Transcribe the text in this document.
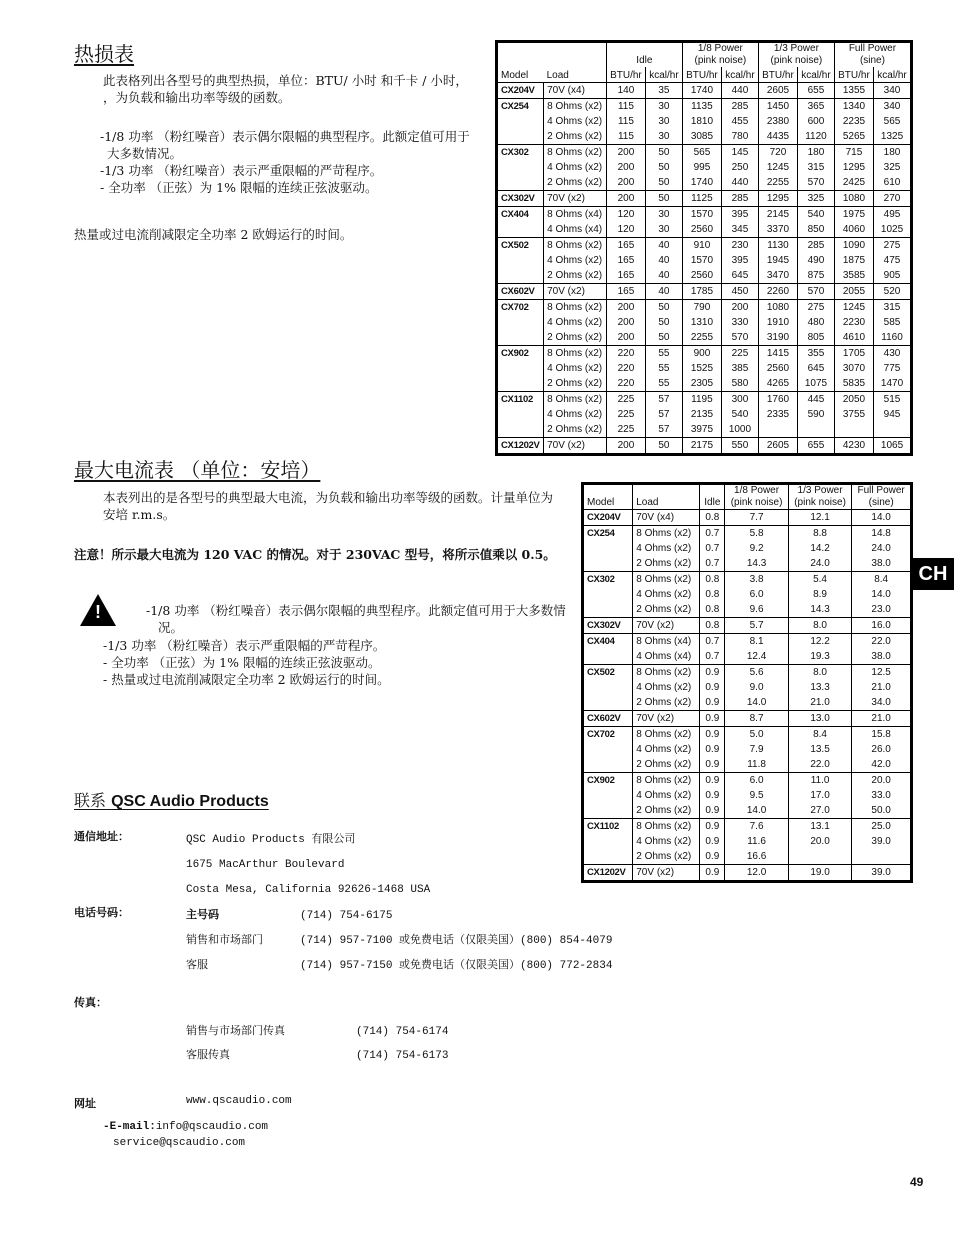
热损表
此表格列出各型号的典型热损，单位：BTU/ 小时 和千卡 / 小时， ，为负载和输出功率等级的函数。
-1/8 功率 （粉红噪音）表示偶尔限幅的典型程序。此额定值可用于大多数情况。
-1/3 功率 （粉红噪音）表示严重限幅的严苛程序。
- 全功率 （正弦）为 1% 限幅的连续正弦波驱动。
热量或过电流削减限定全功率 2 欧姆运行的时间。
		Idle		1/8 Power
(pink noise)		1/3 Power
(pink noise)		Full Power
(sine)	
Model	Load	BTU/hr	kcal/hr	BTU/hr	kcal/hr	BTU/hr	kcal/hr	BTU/hr	kcal/hr
CX204V	70V (x4)	140	35	1740	440	2605	655	1355	340
CX254	8 Ohms (x2)	115	30	1135	285	1450	365	1340	340
	4 Ohms (x2)	115	30	1810	455	2380	600	2235	565
	2 Ohms (x2)	115	30	3085	780	4435	1120	5265	1325
CX302	8 Ohms (x2)	200	50	565	145	720	180	715	180
	4 Ohms (x2)	200	50	995	250	1245	315	1295	325
	2 Ohms (x2)	200	50	1740	440	2255	570	2425	610
CX302V	70V (x2)	200	50	1125	285	1295	325	1080	270
CX404	8 Ohms (x4)	120	30	1570	395	2145	540	1975	495
	4 Ohms (x4)	120	30	2560	345	3370	850	4060	1025
CX502	8 Ohms (x2)	165	40	910	230	1130	285	1090	275
	4 Ohms (x2)	165	40	1570	395	1945	490	1875	475
	2 Ohms (x2)	165	40	2560	645	3470	875	3585	905
CX602V	70V (x2)	165	40	1785	450	2260	570	2055	520
CX702	8 Ohms (x2)	200	50	790	200	1080	275	1245	315
	4 Ohms (x2)	200	50	1310	330	1910	480	2230	585
	2 Ohms (x2)	200	50	2255	570	3190	805	4610	1160
CX902	8 Ohms (x2)	220	55	900	225	1415	355	1705	430
	4 Ohms (x2)	220	55	1525	385	2560	645	3070	775
	2 Ohms (x2)	220	55	2305	580	4265	1075	5835	1470
CX1102	8 Ohms (x2)	225	57	1195	300	1760	445	2050	515
	4 Ohms (x2)	225	57	2135	540	2335	590	3755	945
	2 Ohms (x2)	225	57	3975	1000				
CX1202V	70V (x2)	200	50	2175	550	2605	655	4230	1065
最大电流表 （单位：安培）
本表列出的是各型号的典型最大电流，为负载和输出功率等级的函数。计量单位为安培 r.m.s。
注意！所示最大电流为 120 VAC 的情况。对于 230VAC 型号，将所示值乘以 0.5。
!	-1/8 功率 （粉红噪音）表示偶尔限幅的典型程序。此额定值可用于大多数情况。
-1/3 功率 （粉红噪音）表示严重限幅的严苛程序。
- 全功率 （正弦）为 1% 限幅的连续正弦波驱动。
- 热量或过电流削减限定全功率 2 欧姆运行的时间。
Model	Load	Idle	1/8 Power
(pink noise)	1/3 Power
(pink noise)	Full Power
(sine)
CX204V	70V (x4)	0.8	7.7	12.1	14.0
CX254	8 Ohms (x2)	0.7	5.8	8.8	14.8
	4 Ohms (x2)	0.7	9.2	14.2	24.0
	2 Ohms (x2)	0.7	14.3	24.0	38.0
CX302	8 Ohms (x2)	0.8	3.8	5.4	8.4
	4 Ohms (x2)	0.8	6.0	8.9	14.0
	2 Ohms (x2)	0.8	9.6	14.3	23.0
CX302V	70V (x2)	0.8	5.7	8.0	16.0
CX404	8 Ohms (x4)	0.7	8.1	12.2	22.0
	4 Ohms (x4)	0.7	12.4	19.3	38.0
CX502	8 Ohms (x2)	0.9	5.6	8.0	12.5
	4 Ohms (x2)	0.9	9.0	13.3	21.0
	2 Ohms (x2)	0.9	14.0	21.0	34.0
CX602V	70V (x2)	0.9	8.7	13.0	21.0
CX702	8 Ohms (x2)	0.9	5.0	8.4	15.8
	4 Ohms (x2)	0.9	7.9	13.5	26.0
	2 Ohms (x2)	0.9	11.8	22.0	42.0
CX902	8 Ohms (x2)	0.9	6.0	11.0	20.0
	4 Ohms (x2)	0.9	9.5	17.0	33.0
	2 Ohms (x2)	0.9	14.0	27.0	50.0
CX1102	8 Ohms (x2)	0.9	7.6	13.1	25.0
	4 Ohms (x2)	0.9	11.6	20.0	39.0
	2 Ohms (x2)	0.9	16.6		
CX1202V	70V (x2)	0.9	12.0	19.0	39.0
CH
联系 QSC Audio Products
通信地址：	QSC Audio Products 有限公司
1675 MacArthur Boulevard
Costa Mesa, California 92626-1468 USA
电话号码：	主号码	(714) 754-6175
销售和市场部门	(714) 957-7100 或免费电话（仅限美国）(800) 854-4079
客服	(714) 957-7150 或免费电话（仅限美国）(800) 772-2834
传真：
销售与市场部门传真	(714) 754-6174
客服传真	(714) 754-6173
网址	www.qscaudio.com
-E-mail:info@qscaudio.com
service@qscaudio.com
49
